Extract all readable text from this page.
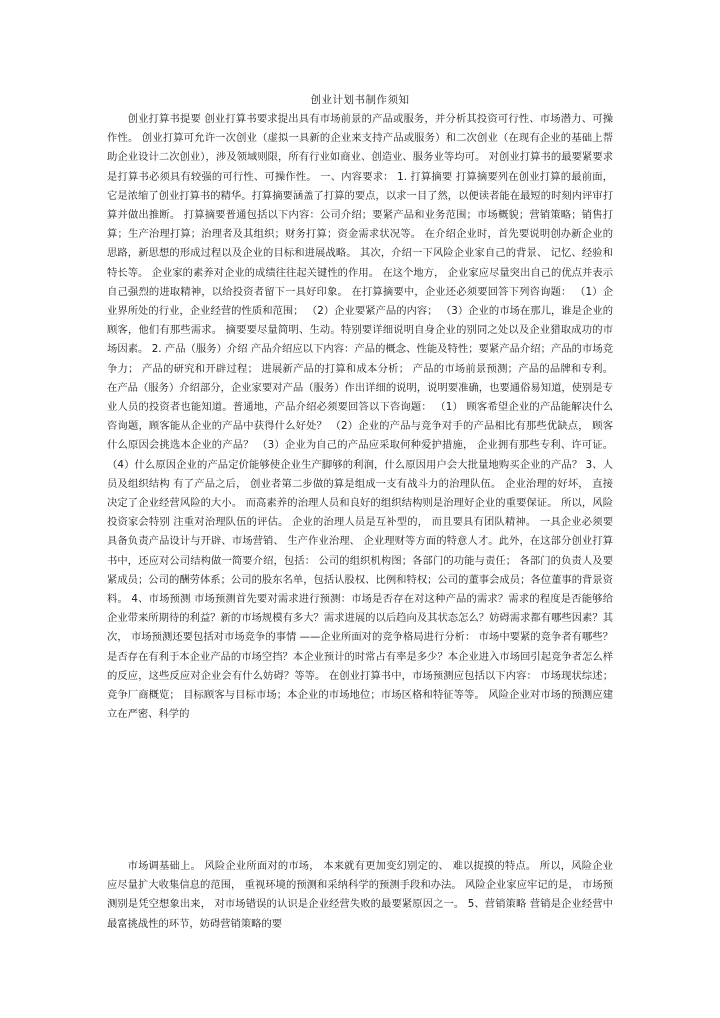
创业计划书制作须知

创业打算书提要 创业打算书要求提出具有市场前景的产品或服务，并分析其投资可行性、市场潜力、可操作性。 创业打算可允许一次创业（虚拟一具新的企业来支持产品或服务）和二次创业（在现有企业的基础上帮助企业设计二次创业），涉及领域则限，所有行业如商业、创造业、服务业等均可。 对创业打算书的最要紧要求是打算书必须具有较强的可行性、可操作性。 一、内容要求： 1. 打算摘要 打算摘要列在创业打算的最前面，它是浓缩了创业打算书的精华。打算摘要涵盖了打算的要点，以求一目了然，以便读者能在最短的时刻内评审打算并做出推断。 打算摘要普通包括以下内容：公司介绍；要紧产品和业务范围；市场概貌；营销策略；销售打算；生产治理打算；治理者及其组织；财务打算；资金需求状况等。 在介绍企业时，首先要说明创办新企业的思路，新思想的形成过程以及企业的目标和进展战略。 其次，介绍一下风险企业家自己的背景、 记忆、经验和特长等。 企业家的素养对企业的成绩往往起关键性的作用。 在这个地方， 企业家应尽量突出自己的优点并表示自己强烈的进取精神，以给投资者留下一具好印象。 在打算摘要中，企业还必须要回答下列咨询题： （1）企业界所处的行业，企业经营的性质和范围； （2）企业要紧产品的内容； （3）企业的市场在那儿，谁是企业的顾客，他们有那些需求。 摘要要尽量简明、生动。特别要详细说明自身企业的别同之处以及企业猎取成功的市场因素。 2. 产品（服务）介绍 产品介绍应以下内容：产品的概念、性能及特性；要紧产品介绍；产品的市场竞争力； 产品的研究和开辟过程； 进展新产品的打算和成本分析； 产品的市场前景预测；产品的品牌和专利。 在产品（服务）介绍部分，企业家要对产品（服务）作出详细的说明，说明要准确，也要通俗易知道，使别是专业人员的投资者也能知道。普通地，产品介绍必须要回答以下咨询题： （1） 顾客希望企业的产品能解决什么咨询题，顾客能从企业的产品中获得什么好处？ （2）企业的产品与竞争对手的产品相比有那些优缺点， 顾客什么原因会挑选本企业的产品？ （3）企业为自己的产品应采取何种爱护措施， 企业拥有那些专利、许可证。 （4）什么原因企业的产品定价能够使企业生产脚够的利润，什么原因用户会大批量地购买企业的产品？ 3、人员及组织结构 有了产品之后， 创业者第二步做的算是组成一支有战斗力的治理队伍。 企业治理的好坏， 直接决定了企业经营风险的大小。 而高素养的治理人员和良好的组织结构则是治理好企业的重要保证。 所以，风险投资家会特别 注重对治理队伍的评估。 企业的治理人员是互补型的， 而且要具有团队精神。 一具企业必须要具备负责产品设计与开辟、市场营销、 生产作业治理、 企业理财等方面的特意人才。此外，在这部分创业打算书中，还应对公司结构做一简要介绍，包括： 公司的组织机构图；各部门的功能与责任； 各部门的负责人及要紧成员；公司的酬劳体系；公司的股东名单，包括认股权、比例和特权；公司的董事会成员；各位董事的背景资料。 4、市场预测 市场预测首先要对需求进行预测：市场是否存在对这种产品的需求？需求的程度是否能够给企业带来所期待的利益？新的市场规模有多大？需求进展的以后趋向及其状态怎么？妨碍需求都有哪些因素？其次， 市场预测还要包括对市场竞争的事情 ——企业所面对的竞争格局进行分析： 市场中要紧的竞争者有哪些？是否存在有利于本企业产品的市场空挡？本企业预计的时常占有率是多少？本企业进入市场回引起竞争者怎么样的反应，这些反应对企业会有什么妨碍？等等。 在创业打算书中，市场预测应包括以下内容： 市场现状综述； 竞争厂商概览； 目标顾客与目标市场；本企业的市场地位；市场区格和特征等等。 风险企业对市场的预测应建立在严密、科学的

市场调基础上。 风险企业所面对的市场， 本来就有更加变幻别定的、 难以捉摸的特点。 所以，风险企业应尽量扩大收集信息的范围， 重视环境的预测和采纳科学的预测手段和办法。 风险企业家应牢记的是， 市场预测别是凭空想象出来， 对市场错误的认识是企业经营失败的最要紧原因之一。 5、营销策略 营销是企业经营中最富挑战性的环节，妨碍营销策略的要
